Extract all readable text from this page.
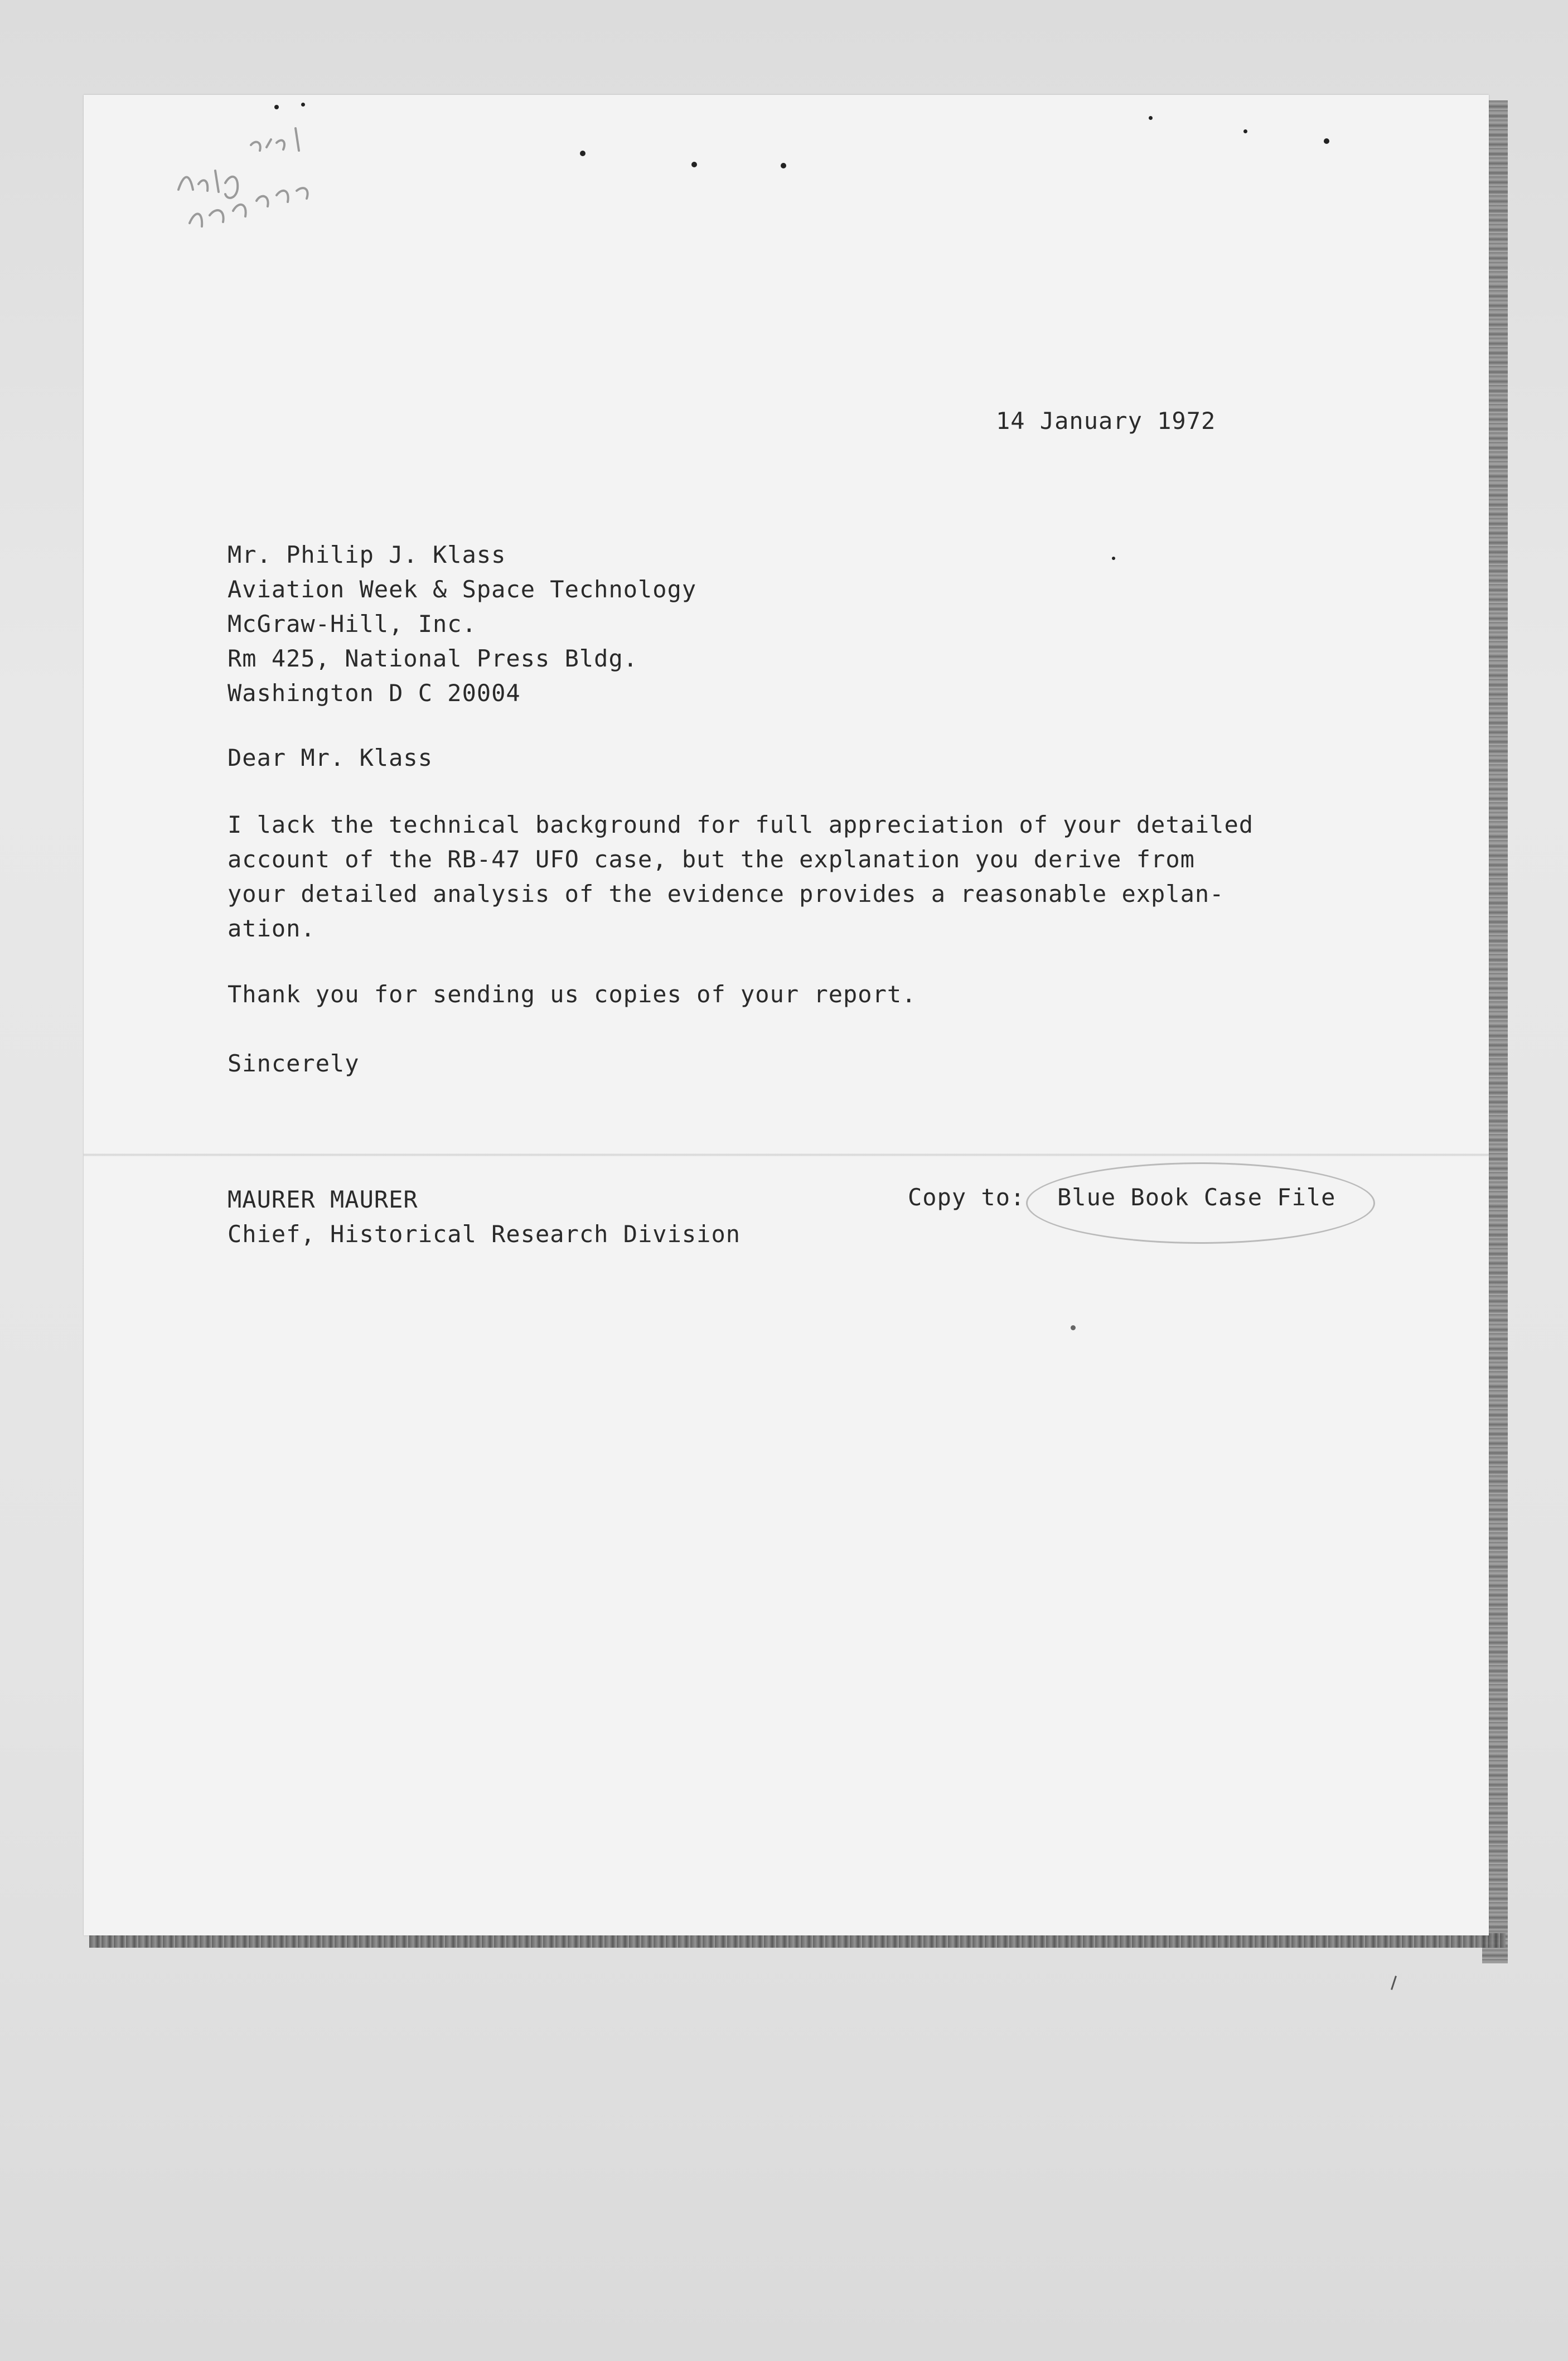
14 January 1972
Mr. Philip J. Klass
Aviation Week & Space Technology
McGraw-Hill, Inc.
Rm 425, National Press Bldg.
Washington D C 20004
Dear Mr. Klass
I lack the technical background for full appreciation of your detailed
account of the RB-47 UFO case, but the explanation you derive from
your detailed analysis of the evidence provides a reasonable explan-
ation.
Thank you for sending us copies of your report.
Sincerely
MAURER MAURER
Chief, Historical Research Division
Copy to: Blue Book Case File
